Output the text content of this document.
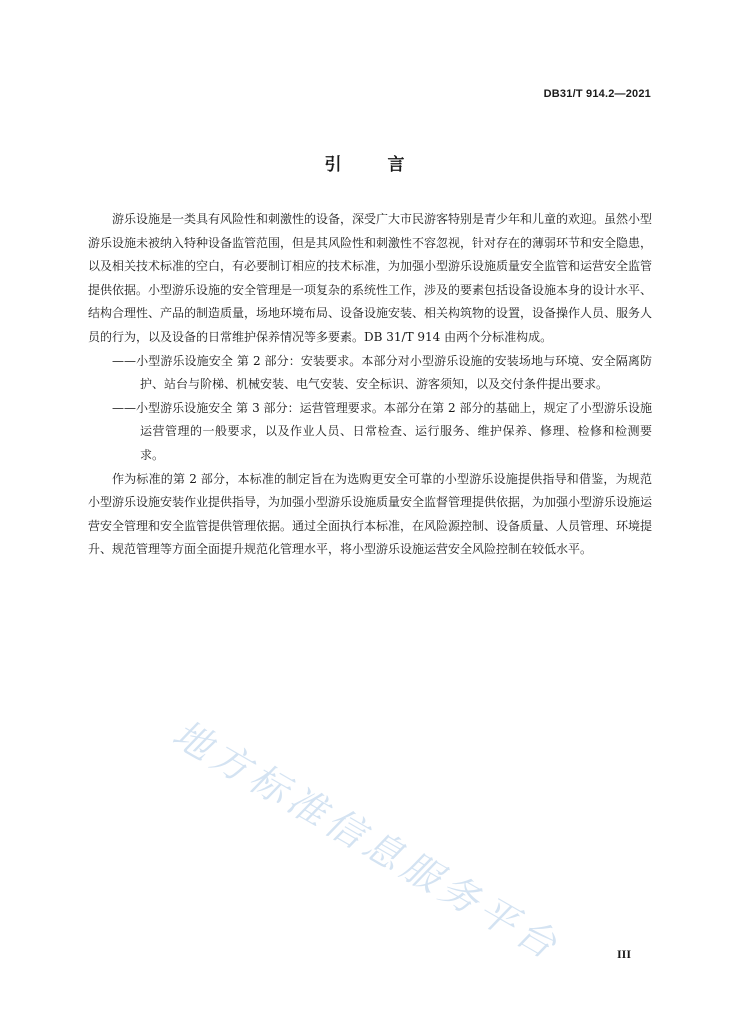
DB31/T 914.2—2021
引言

游乐设施是一类具有风险性和刺激性的设备，深受广大市民游客特别是青少年和儿童的欢迎。虽然小型游乐设施未被纳入特种设备监管范围，但是其风险性和刺激性不容忽视，针对存在的薄弱环节和安全隐患，以及相关技术标准的空白，有必要制订相应的技术标准，为加强小型游乐设施质量安全监管和运营安全监管提供依据。小型游乐设施的安全管理是一项复杂的系统性工作，涉及的要素包括设备设施本身的设计水平、结构合理性、产品的制造质量，场地环境布局、设备设施安装、相关构筑物的设置，设备操作人员、服务人员的行为，以及设备的日常维护保养情况等多要素。DB 31/T 914 由两个分标准构成。

——小型游乐设施安全 第 2 部分：安装要求。本部分对小型游乐设施的安装场地与环境、安全隔离防护、站台与阶梯、机械安装、电气安装、安全标识、游客须知，以及交付条件提出要求。
——小型游乐设施安全 第 3 部分：运营管理要求。本部分在第 2 部分的基础上，规定了小型游乐设施运营管理的一般要求，以及作业人员、日常检查、运行服务、维护保养、修理、检修和检测要求。

作为标准的第 2 部分，本标准的制定旨在为选购更安全可靠的小型游乐设施提供指导和借鉴，为规范小型游乐设施安装作业提供指导，为加强小型游乐设施质量安全监督管理提供依据，为加强小型游乐设施运营安全管理和安全监管提供管理依据。通过全面执行本标准，在风险源控制、设备质量、人员管理、环境提升、规范管理等方面全面提升规范化管理水平，将小型游乐设施运营安全风险控制在较低水平。

地方标准信息服务平台	III
